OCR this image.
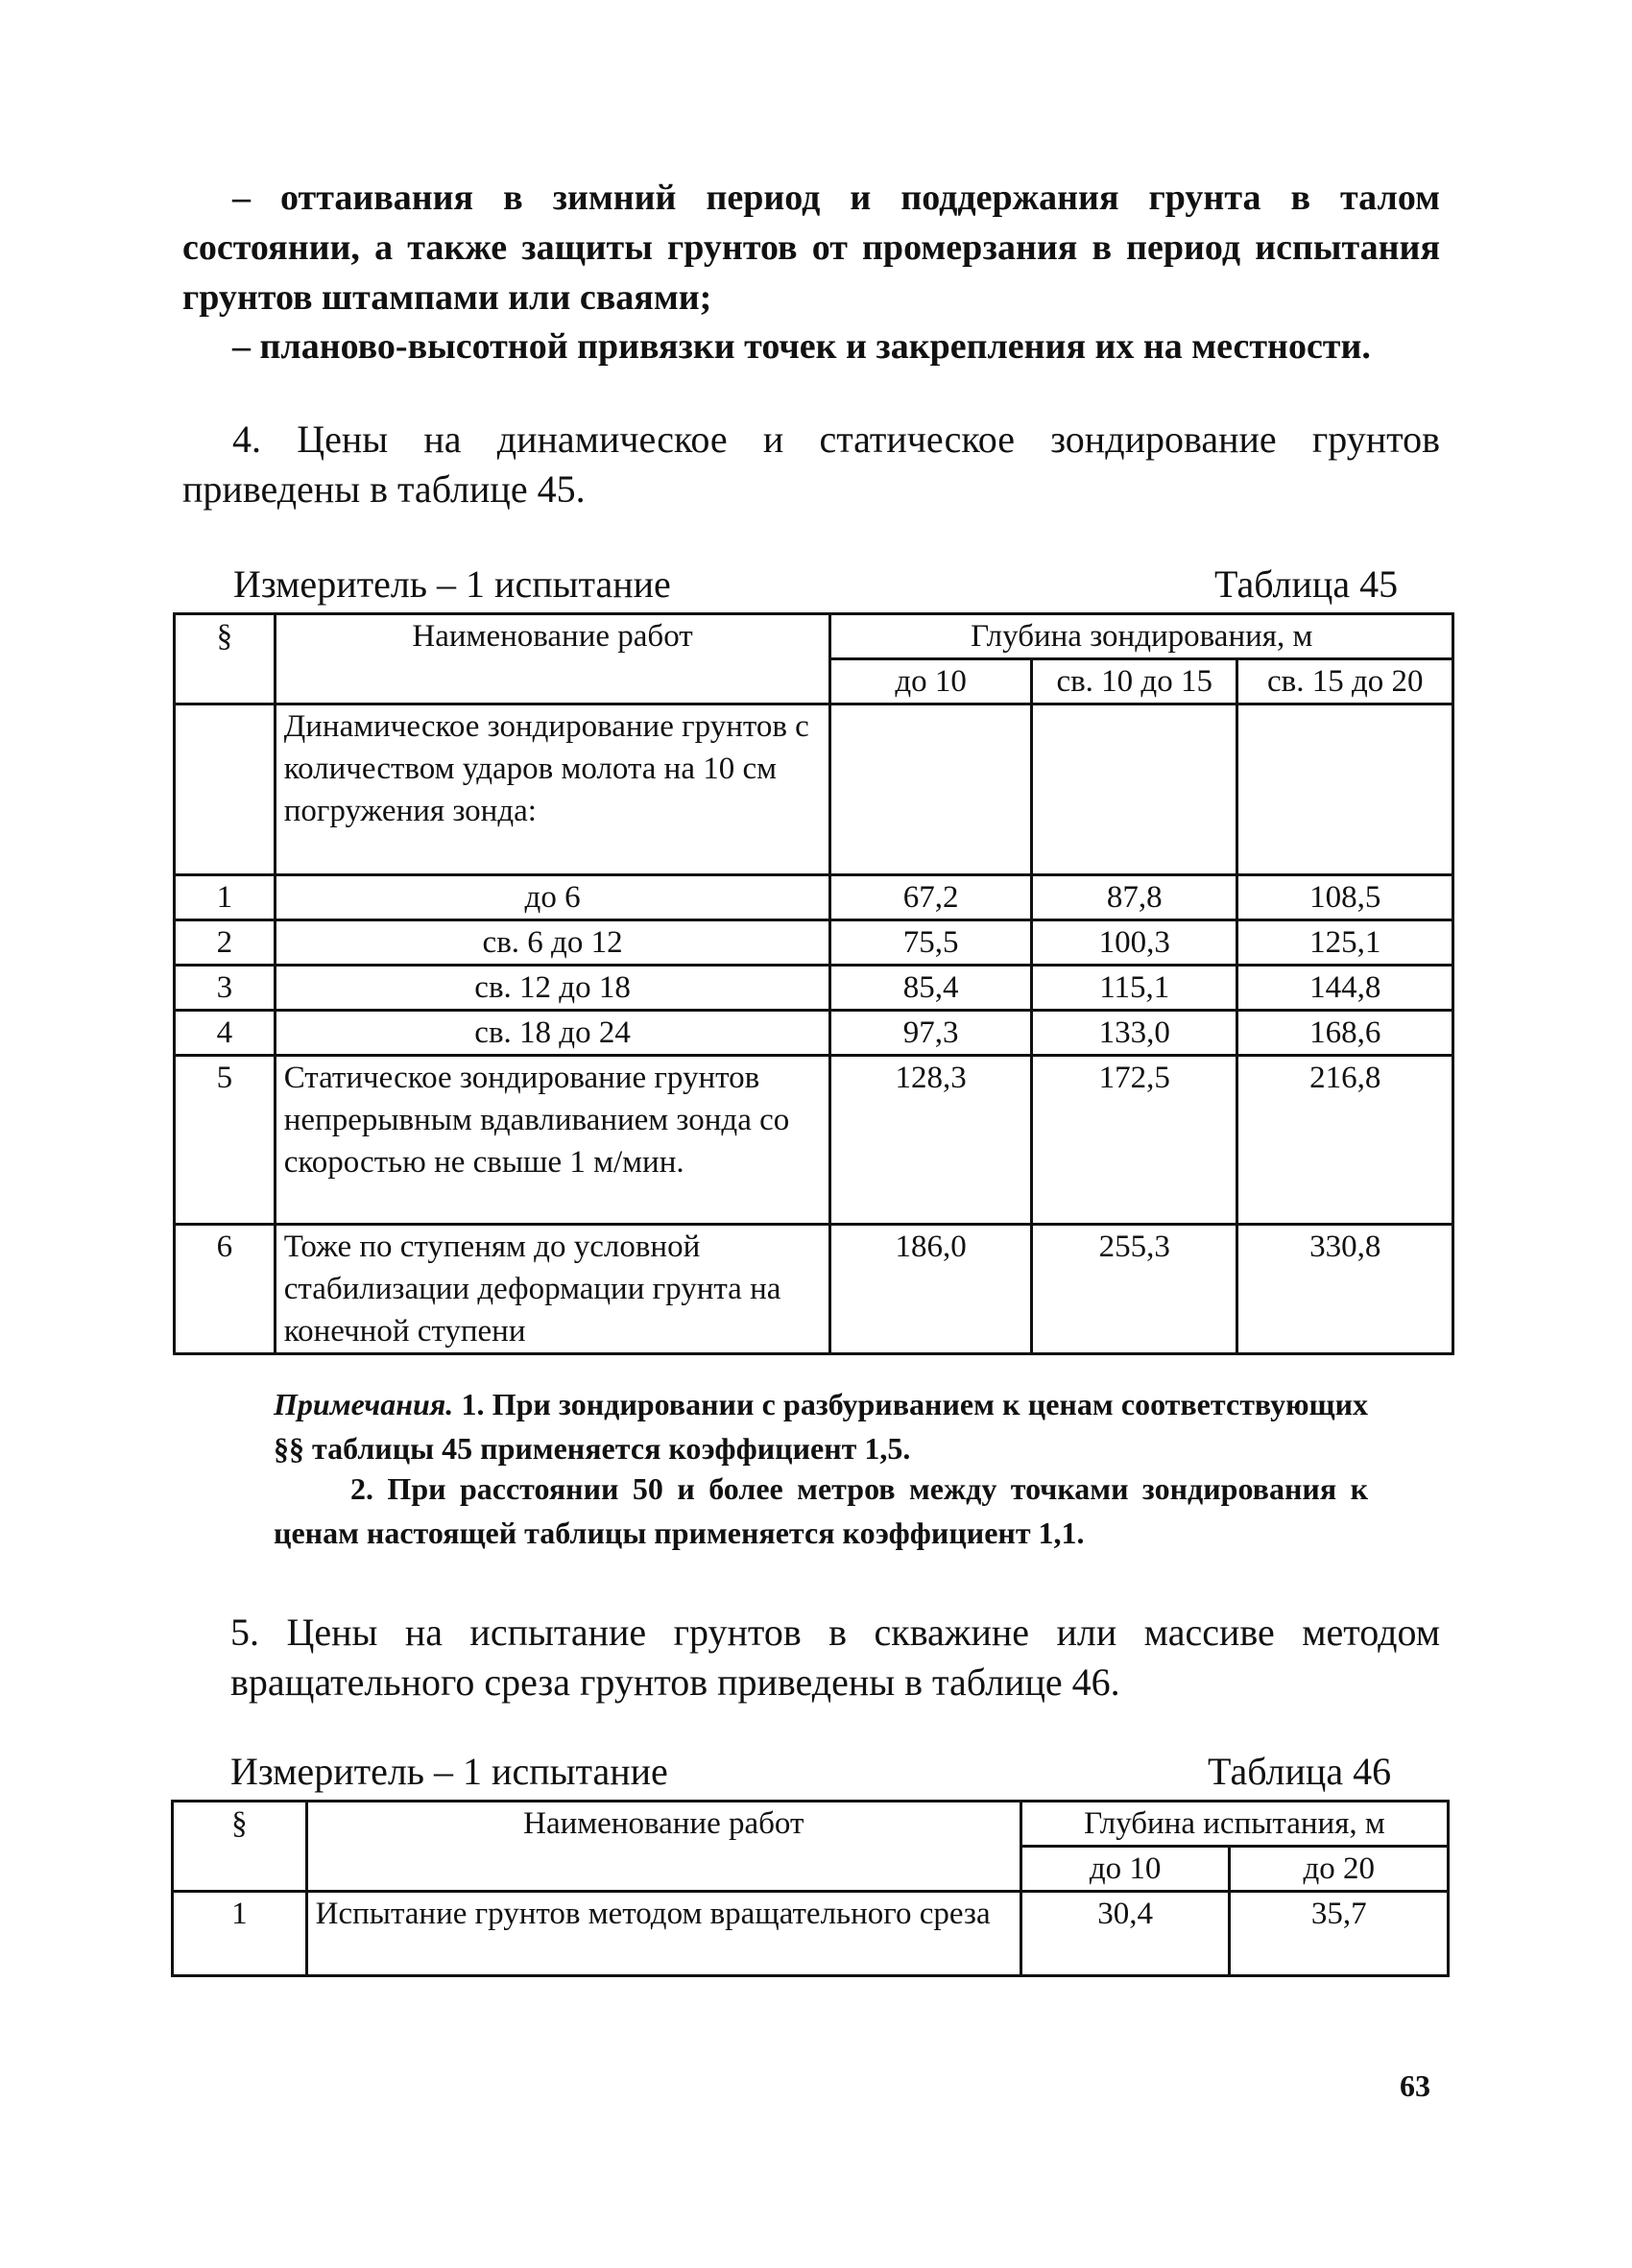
– оттаивания в зимний период и поддержания грунта в талом состоянии, а также защиты грунтов от промерзания в период испытания грунтов штампами или сваями;
– планово-высотной привязки точек и закрепления их на местности.
4. Цены на динамическое и статическое зондирование грунтов приведены в таблице 45.
Измеритель – 1 испытание	Таблица 45
§	Наименование работ	Глубина зондирования, м		
		до 10	св. 10 до 15	св. 15 до 20
	Динамическое зондирование грунтов с количеством ударов молота на 10 см погружения зонда:			
1	до 6	67,2	87,8	108,5
2	св. 6 до 12	75,5	100,3	125,1
3	св. 12 до 18	85,4	115,1	144,8
4	св. 18 до 24	97,3	133,0	168,6
5	Статическое зондирование грунтов непрерывным вдавливанием зонда со скоростью не свыше 1 м/мин.	128,3	172,5	216,8
6	Тоже по ступеням до условной стабилизации деформации грунта на конечной ступени	186,0	255,3	330,8
Примечания. 1. При зондировании с разбуриванием к ценам соответствующих §§ таблицы 45 применяется коэффициент 1,5.
2. При расстоянии 50 и более метров между точками зондирования к ценам настоящей таблицы применяется коэффициент 1,1.
5. Цены на испытание грунтов в скважине или массиве методом вращательного среза грунтов приведены в таблице 46.
Измеритель – 1 испытание	Таблица 46
§	Наименование работ	Глубина испытания, м	
		до 10	до 20
1	Испытание грунтов методом вращательного среза	30,4	35,7
63
